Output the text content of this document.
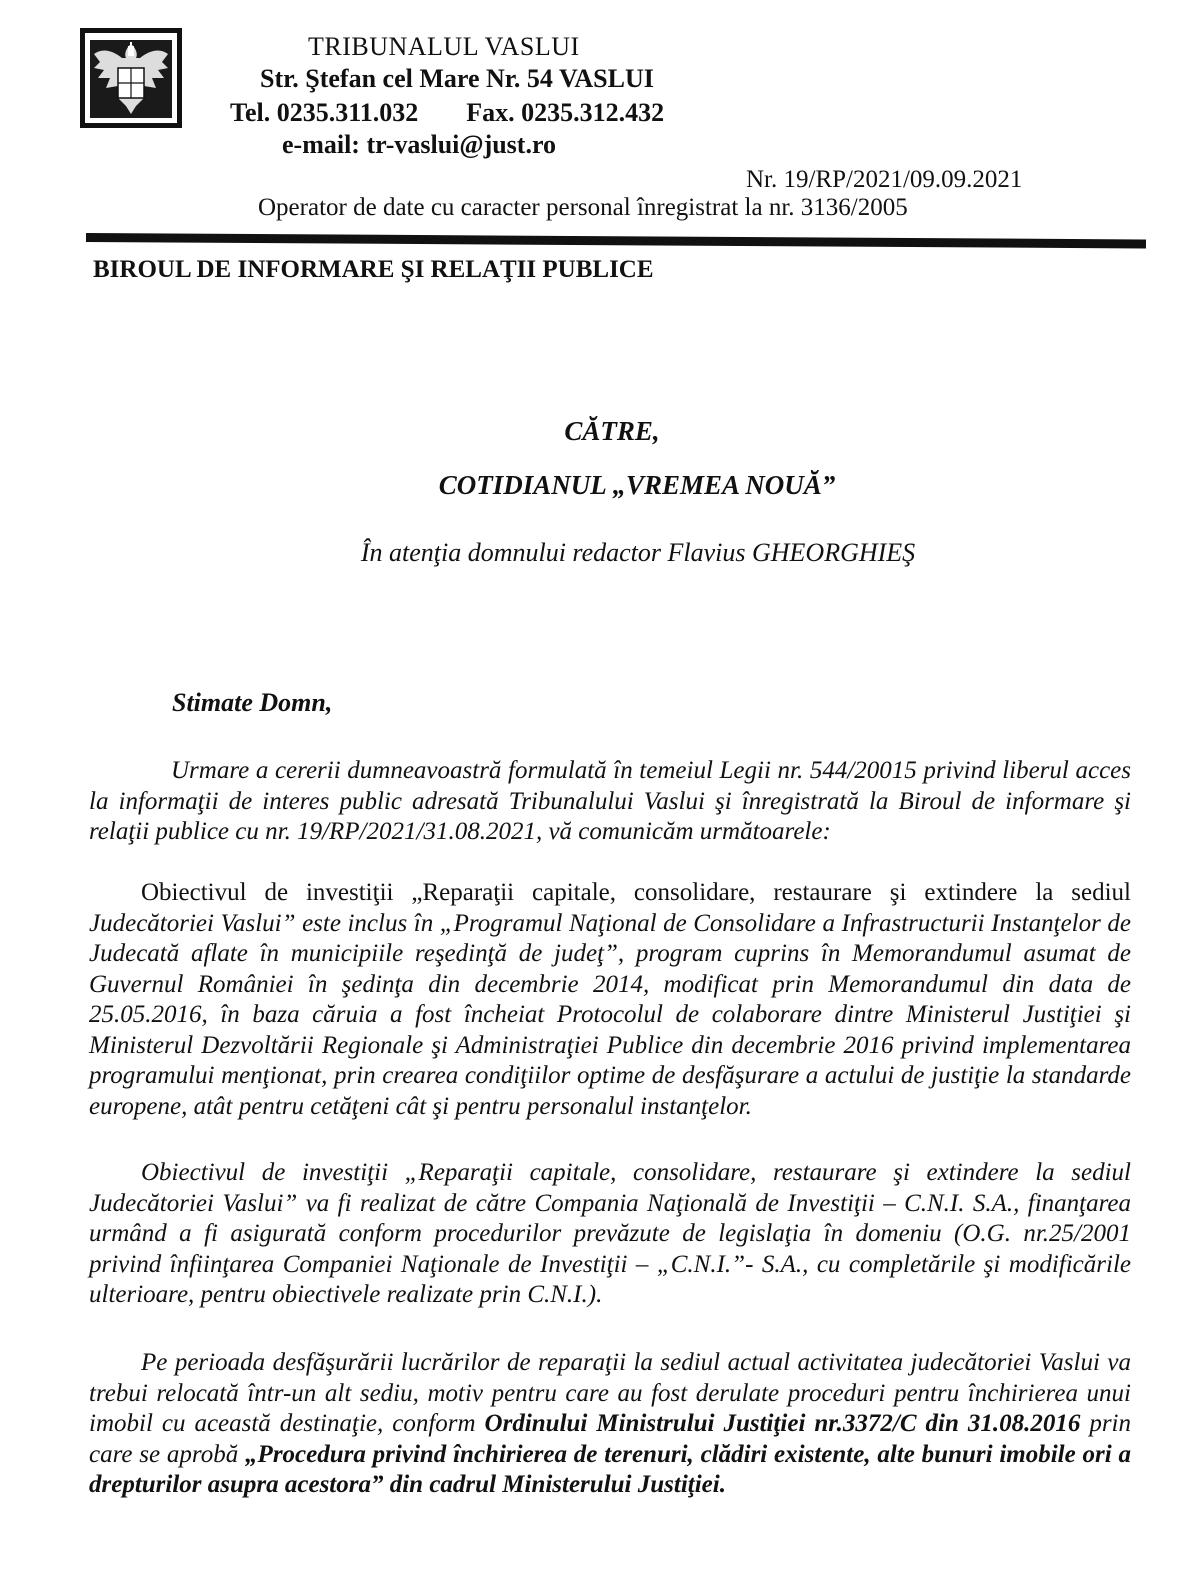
TRIBUNALUL VASLUI
Str. Ştefan cel Mare Nr. 54 VASLUI
Tel. 0235.311.032 Fax. 0235.312.432
e-mail: tr-vaslui@just.ro
Nr. 19/RP/2021/09.09.2021
Operator de date cu caracter personal înregistrat la nr. 3136/2005
BIROUL DE INFORMARE ŞI RELAŢII PUBLICE
CĂTRE,
COTIDIANUL „VREMEA NOUĂ”
În atenţia domnului redactor Flavius GHEORGHIEŞ
Stimate Domn,
Urmare a cererii dumneavoastră formulată în temeiul Legii nr. 544/20015 privind liberul acces la informaţii de interes public adresată Tribunalului Vaslui şi înregistrată la Biroul de informare şi relaţii publice cu nr. 19/RP/2021/31.08.2021, vă comunicăm următoarele:
Obiectivul de investiţii „Reparaţii capitale, consolidare, restaurare şi extindere la sediul Judecătoriei Vaslui” este inclus în „Programul Naţional de Consolidare a Infrastructurii Instanţelor de Judecată aflate în municipiile reşedinţă de judeţ”, program cuprins în Memorandumul asumat de Guvernul României în şedinţa din decembrie 2014, modificat prin Memorandumul din data de 25.05.2016, în baza căruia a fost încheiat Protocolul de colaborare dintre Ministerul Justiţiei şi Ministerul Dezvoltării Regionale şi Administraţiei Publice din decembrie 2016 privind implementarea programului menţionat, prin crearea condiţiilor optime de desfăşurare a actului de justiţie la standarde europene, atât pentru cetăţeni cât şi pentru personalul instanţelor.
Obiectivul de investiţii „Reparaţii capitale, consolidare, restaurare şi extindere la sediul Judecătoriei Vaslui” va fi realizat de către Compania Naţională de Investiţii – C.N.I. S.A., finanţarea urmând a fi asigurată conform procedurilor prevăzute de legislaţia în domeniu (O.G. nr.25/2001 privind înfiinţarea Companiei Naţionale de Investiţii – „C.N.I.”- S.A., cu completările şi modificările ulterioare, pentru obiectivele realizate prin C.N.I.).
Pe perioada desfăşurării lucrărilor de reparaţii la sediul actual activitatea judecătoriei Vaslui va trebui relocată într-un alt sediu, motiv pentru care au fost derulate proceduri pentru închirierea unui imobil cu această destinaţie, conform Ordinului Ministrului Justiţiei nr.3372/C din 31.08.2016 prin care se aprobă „Procedura privind închirierea de terenuri, clădiri existente, alte bunuri imobile ori a drepturilor asupra acestora” din cadrul Ministerului Justiţiei.
